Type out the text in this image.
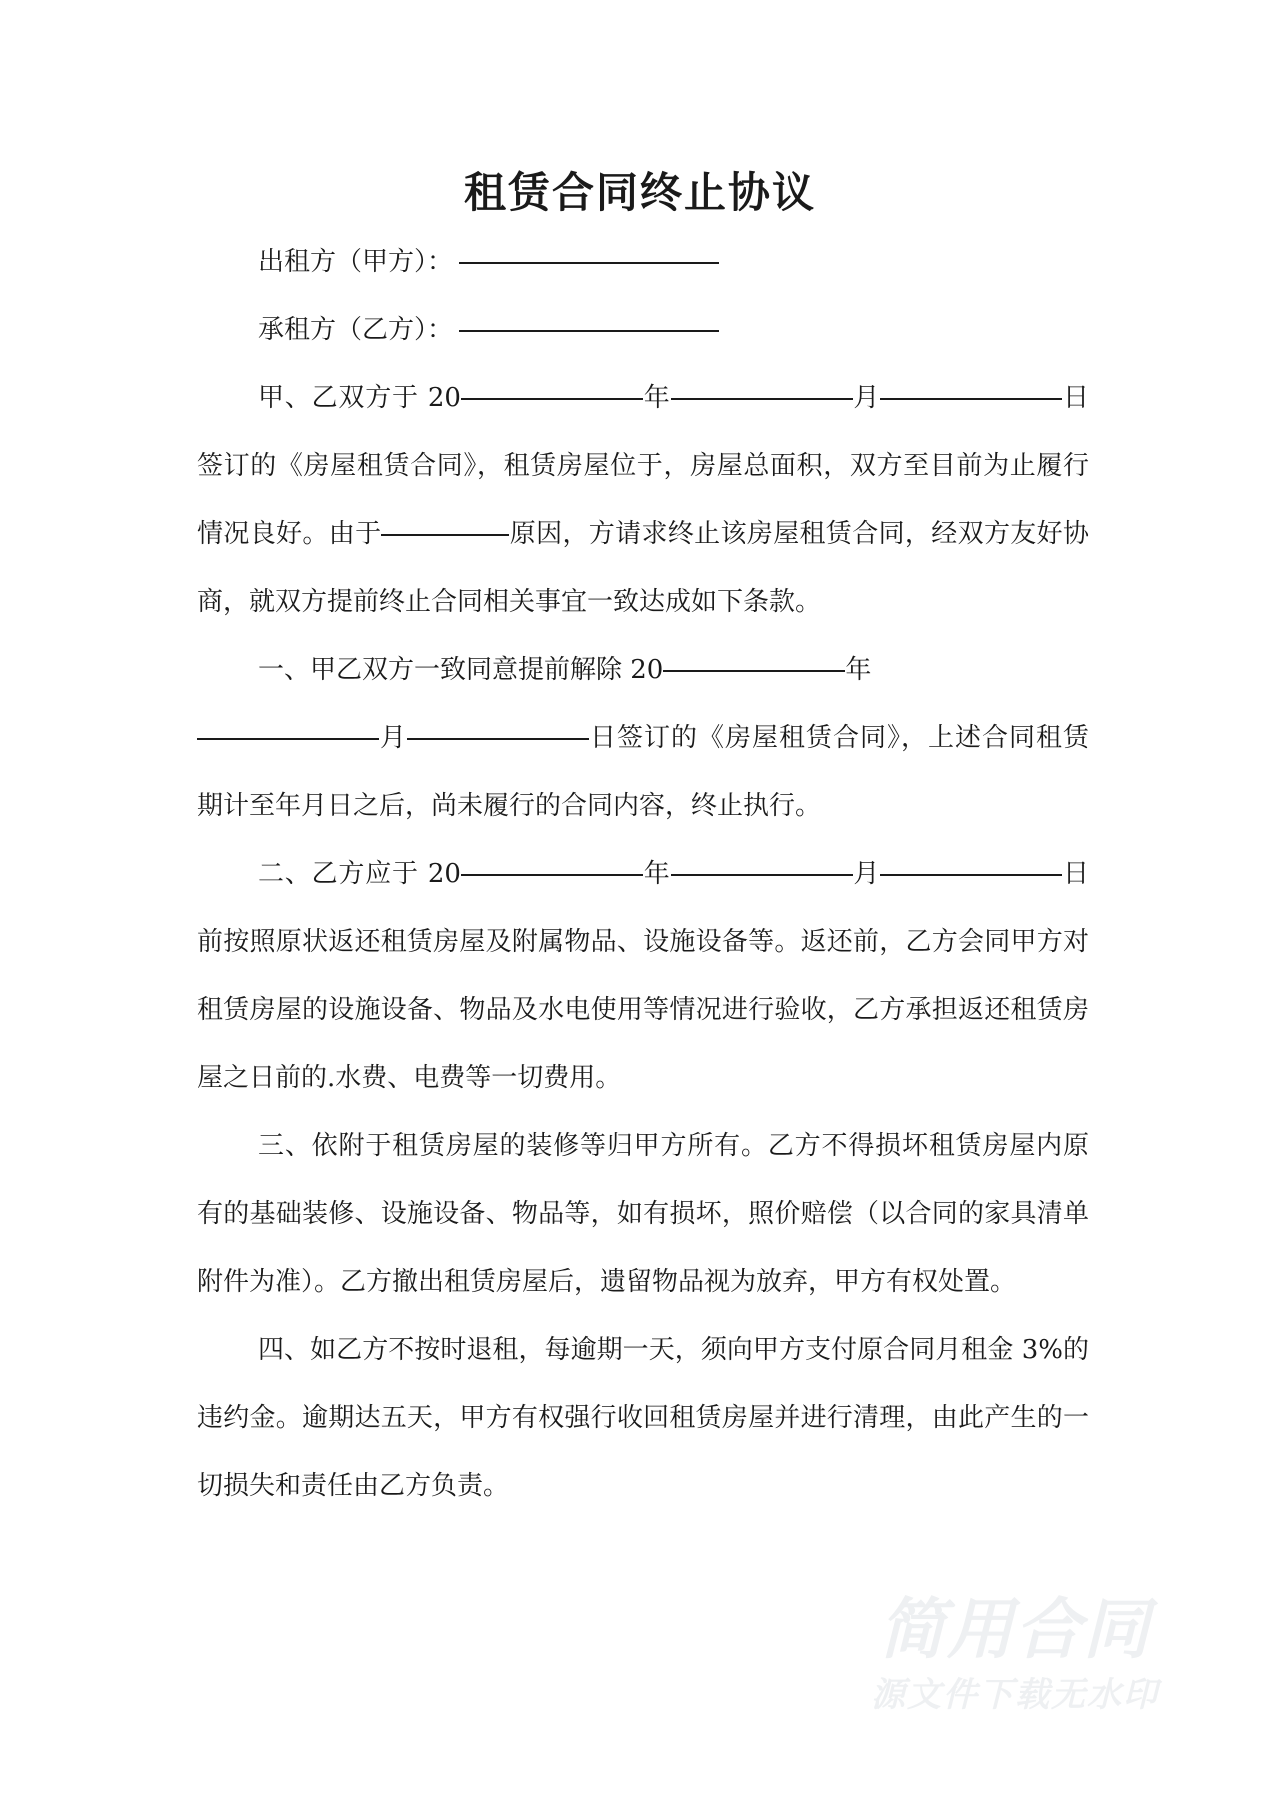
租赁合同终止协议

出租方（甲方）：

承租方（乙方）：

甲、乙双方于 20	年	月	日签订的《房屋租赁合同》，租赁房屋位于，房屋总面积，双方至目前为止履行情况良好。由于	原因，方请求终止该房屋租赁合同，经双方友好协商，就双方提前终止合同相关事宜一致达成如下条款。

一、甲乙双方一致同意提前解除 20	年
月	日签订的《房屋租赁合同》，上述合同租赁期计至年月日之后，尚未履行的合同内容，终止执行。

二、乙方应于 20	年	月	日前按照原状返还租赁房屋及附属物品、设施设备等。返还前，乙方会同甲方对租赁房屋的设施设备、物品及水电使用等情况进行验收，乙方承担返还租赁房屋之日前的.水费、电费等一切费用。

三、依附于租赁房屋的装修等归甲方所有。乙方不得损坏租赁房屋内原有的基础装修、设施设备、物品等，如有损坏，照价赔偿（以合同的家具清单附件为准）。乙方撤出租赁房屋后，遗留物品视为放弃，甲方有权处置。

四、如乙方不按时退租，每逾期一天，须向甲方支付原合同月租金 3%的违约金。逾期达五天，甲方有权强行收回租赁房屋并进行清理，由此产生的一切损失和责任由乙方负责。

简用合同
源文件下载无水印
